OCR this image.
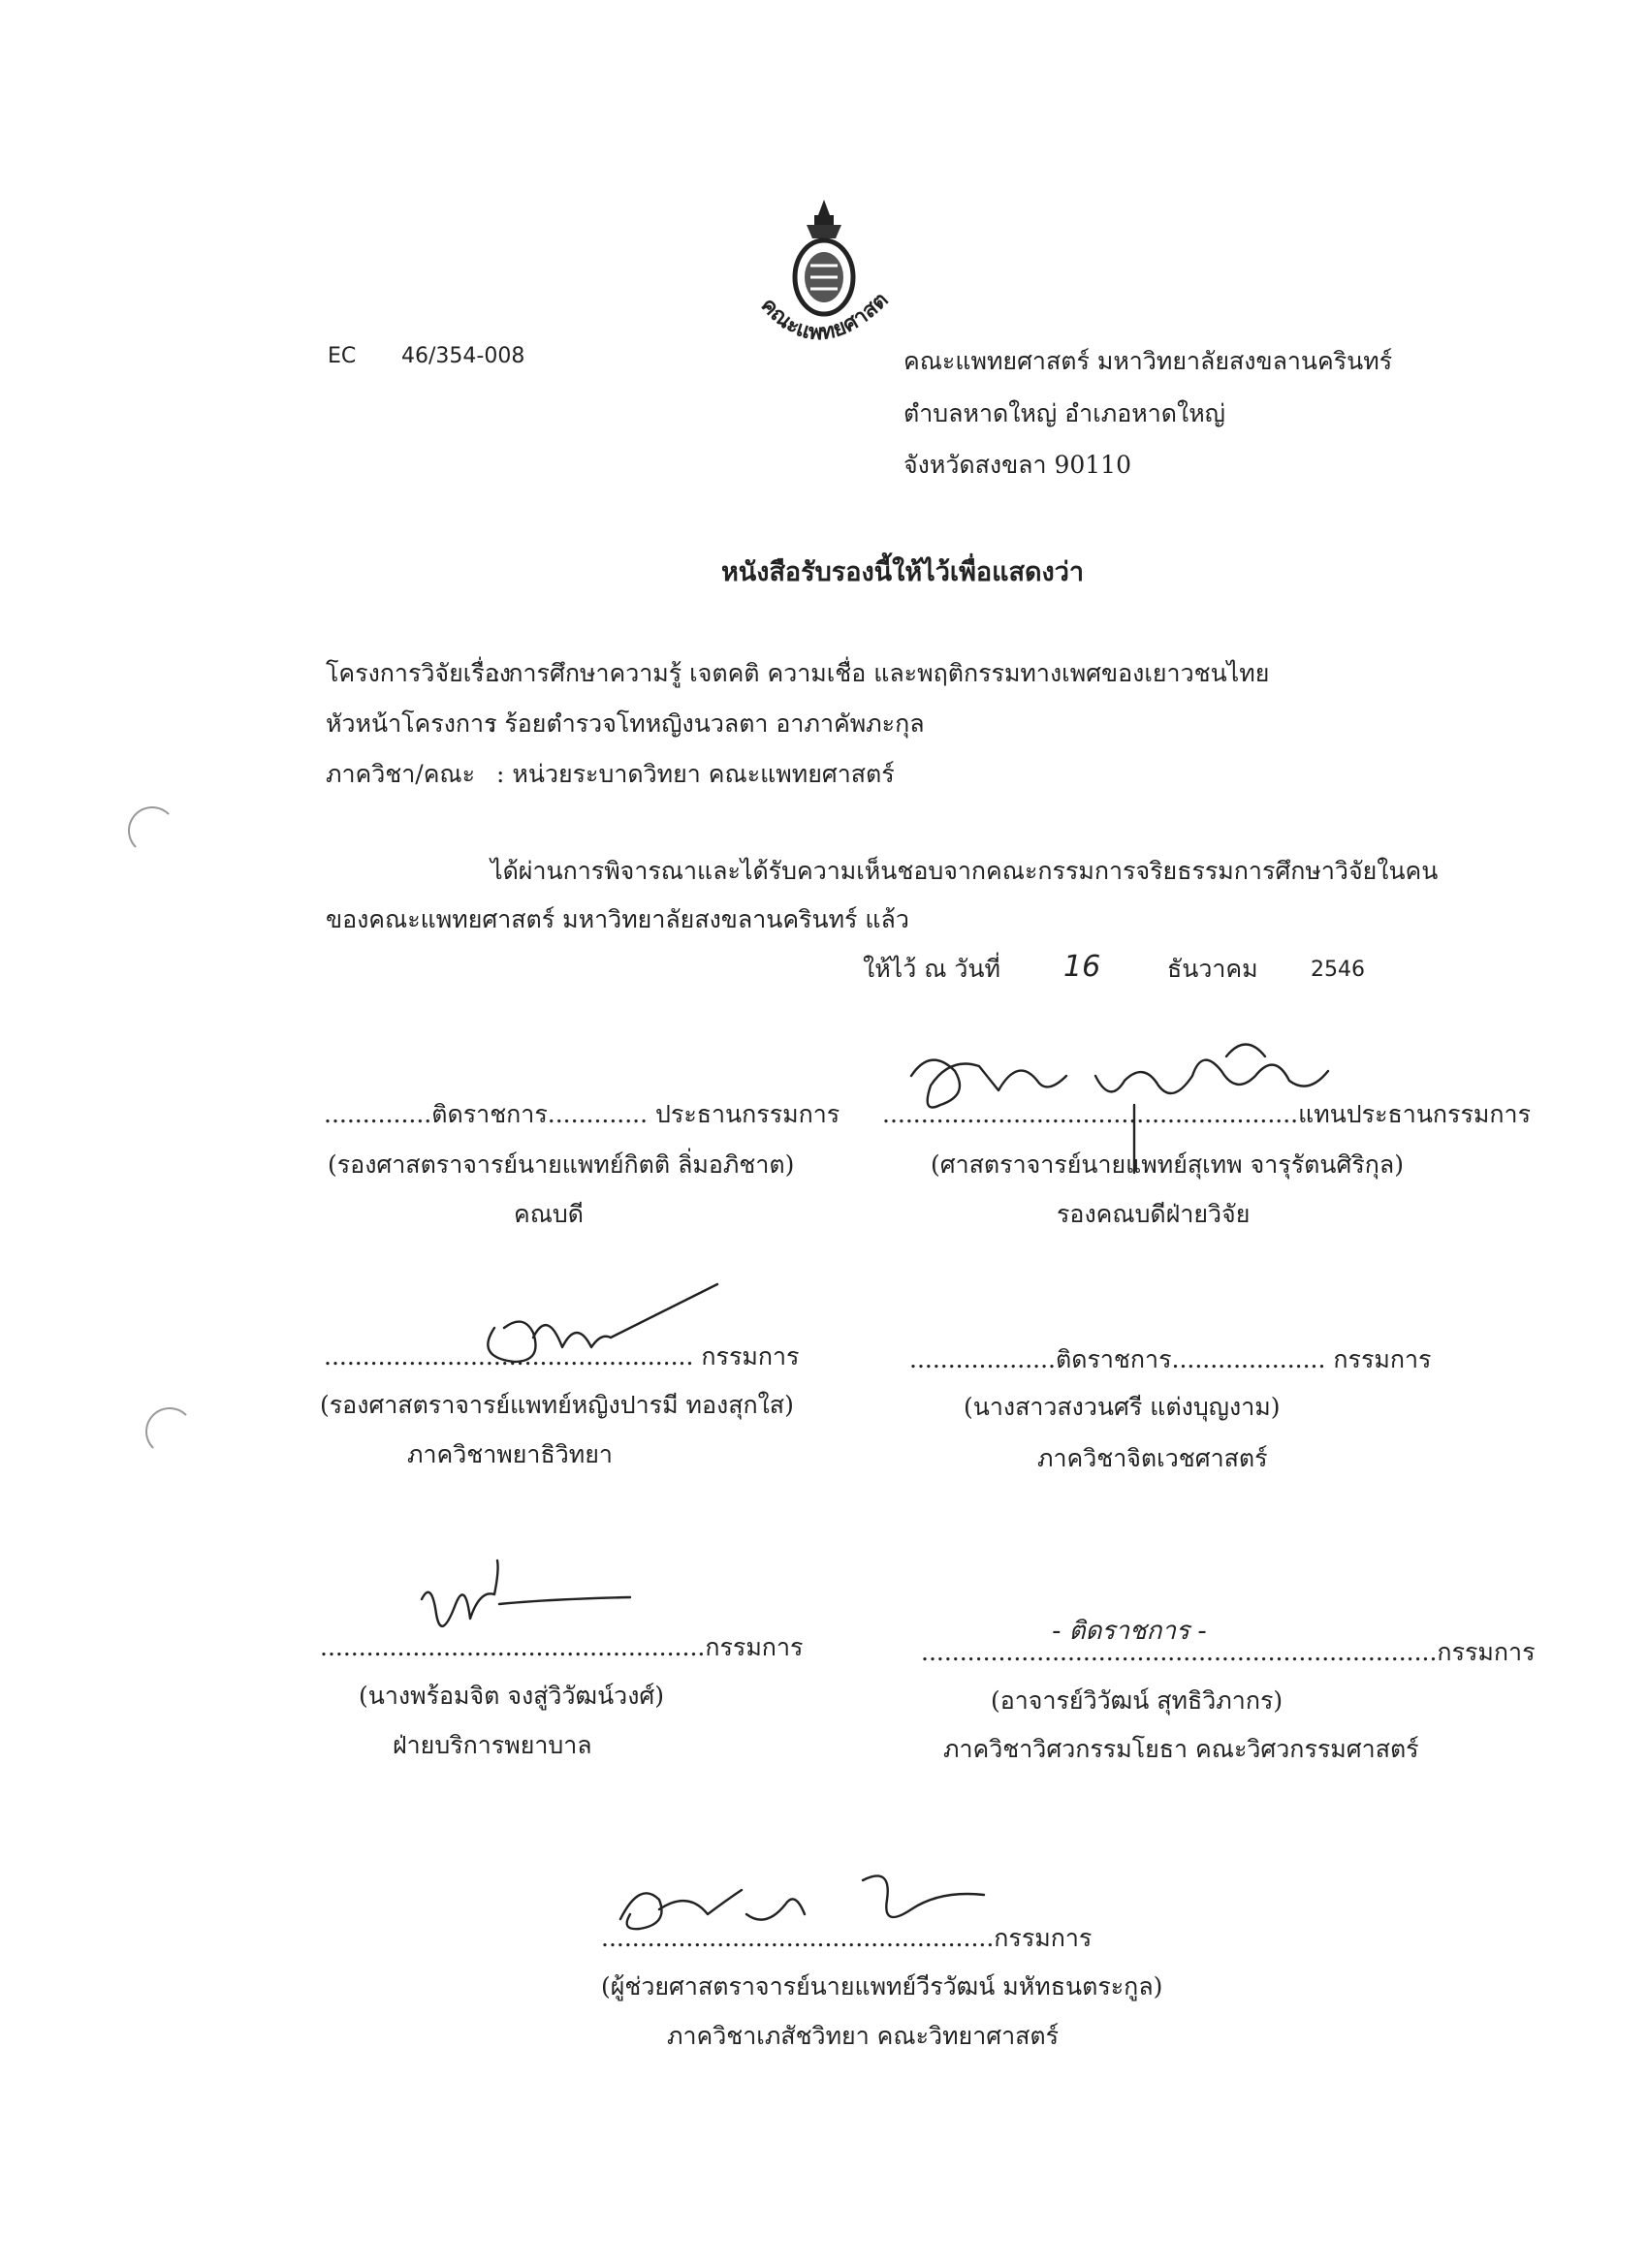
คณะแพทยศาสต
EC 46/354-008	คณะแพทยศาสตร์ มหาวิทยาลัยสงขลานครินทร์
ตำบลหาดใหญ่ อำเภอหาดใหญ่
จังหวัดสงขลา 90110
หนังสือรับรองนี้ให้ไว้เพื่อแสดงว่า
โครงการวิจัยเรื่อง
: การศึกษาความรู้ เจตคติ ความเชื่อ และพฤติกรรมทางเพศของเยาวชนไทย
หัวหน้าโครงการ
: ร้อยตำรวจโทหญิงนวลตา อาภาคัพภะกุล
ภาควิชา/คณะ : หน่วยระบาดวิทยา คณะแพทยศาสตร์
ได้ผ่านการพิจารณาและได้รับความเห็นชอบจากคณะกรรมการจริยธรรมการศึกษาวิจัยในคน
ของคณะแพทยศาสตร์ มหาวิทยาลัยสงขลานครินทร์ แล้ว
ให้ไว้ ณ วันที่ 16	ธันวาคม 2546
..............ติดราชการ............. ประธานกรรมการ
(รองศาสตราจารย์นายแพทย์กิตติ ลิ่มอภิชาต)
คณบดี
......................................................แทนประธานกรรมการ
(ศาสตราจารย์นายแพทย์สุเทพ จารุรัตนศิริกุล)
รองคณบดีฝ่ายวิจัย
................................................ กรรมการ
(รองศาสตราจารย์แพทย์หญิงปารมี ทองสุกใส)
ภาควิชาพยาธิวิทยา
...................ติดราชการ.................... กรรมการ
(นางสาวสงวนศรี แต่งบุญงาม)
ภาควิชาจิตเวชศาสตร์
..................................................กรรมการ
(นางพร้อมจิต จงสู่วิวัฒน์วงศ์)
ฝ่ายบริการพยาบาล
- ติดราชการ -
...................................................................กรรมการ
(อาจารย์วิวัฒน์ สุทธิวิภากร)
ภาควิชาวิศวกรรมโยธา คณะวิศวกรรมศาสตร์
...................................................กรรมการ
(ผู้ช่วยศาสตราจารย์นายแพทย์วีรวัฒน์ มหัทธนตระกูล)
ภาควิชาเภสัชวิทยา คณะวิทยาศาสตร์
